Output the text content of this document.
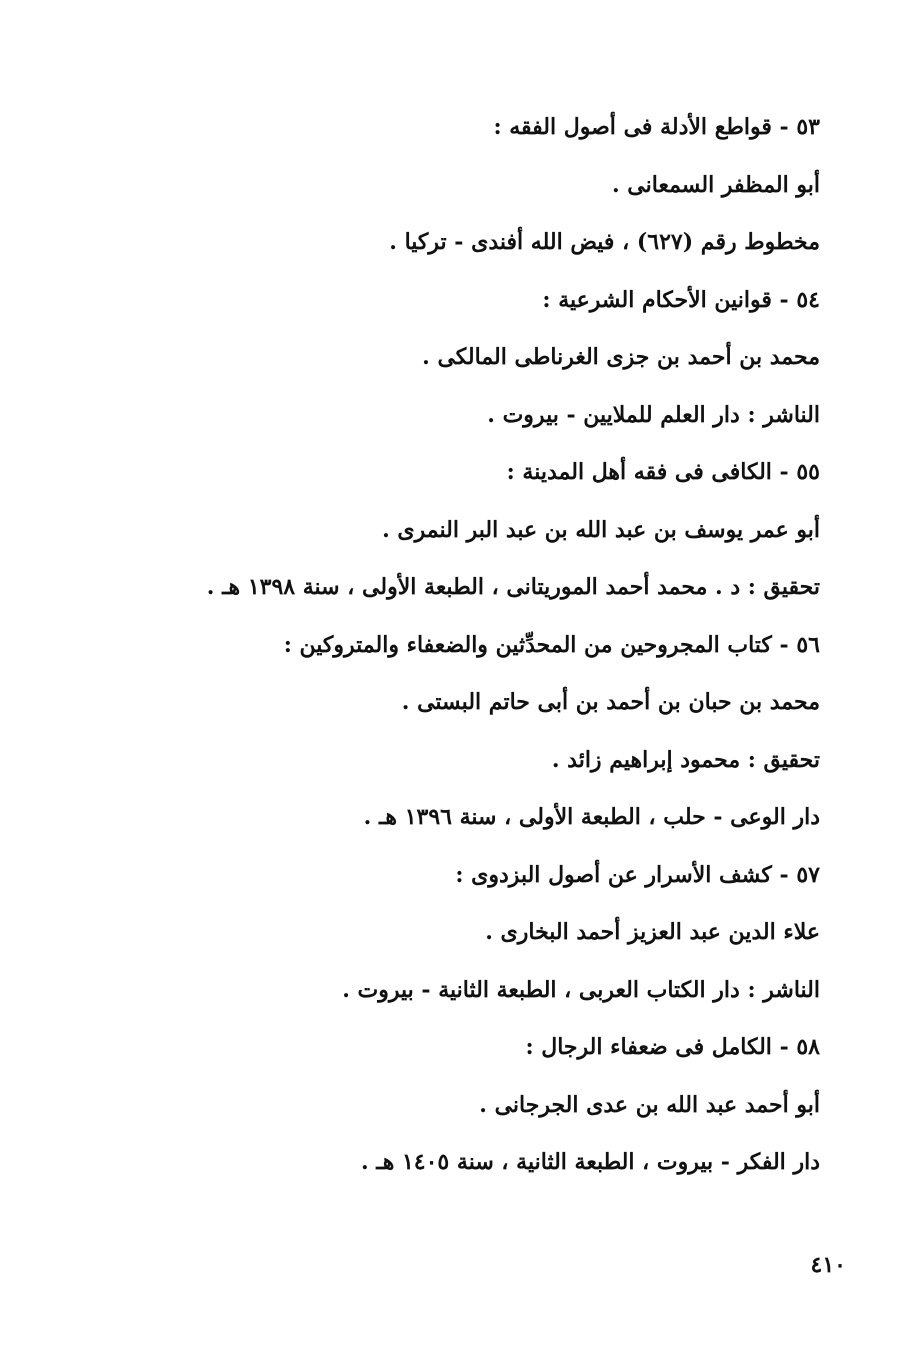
٥٣ - قواطع الأدلة فى أصول الفقه :
أبو المظفر السمعانى .
مخطوط رقم (٦٢٧) ، فيض الله أفندى - تركيا .
٥٤ - قوانين الأحكام الشرعية :
محمد بن أحمد بن جزى الغرناطى المالكى .
الناشر : دار العلم للملايين - بيروت .
٥٥ - الكافى فى فقه أهل المدينة :
أبو عمر يوسف بن عبد الله بن عبد البر النمرى .
تحقيق : د . محمد أحمد الموريتانى ، الطبعة الأولى ، سنة ١٣٩٨ هـ .
٥٦ - كتاب المجروحين من المحدِّثين والضعفاء والمتروكين :
محمد بن حبان بن أحمد بن أبى حاتم البستى .
تحقيق : محمود إبراهيم زائد .
دار الوعى - حلب ، الطبعة الأولى ، سنة ١٣٩٦ هـ .
٥٧ - كشف الأسرار عن أصول البزدوى :
علاء الدين عبد العزيز أحمد البخارى .
الناشر : دار الكتاب العربى ، الطبعة الثانية - بيروت .
٥٨ - الكامل فى ضعفاء الرجال :
أبو أحمد عبد الله بن عدى الجرجانى .
دار الفكر - بيروت ، الطبعة الثانية ، سنة ١٤٠٥ هـ .
٤١٠
